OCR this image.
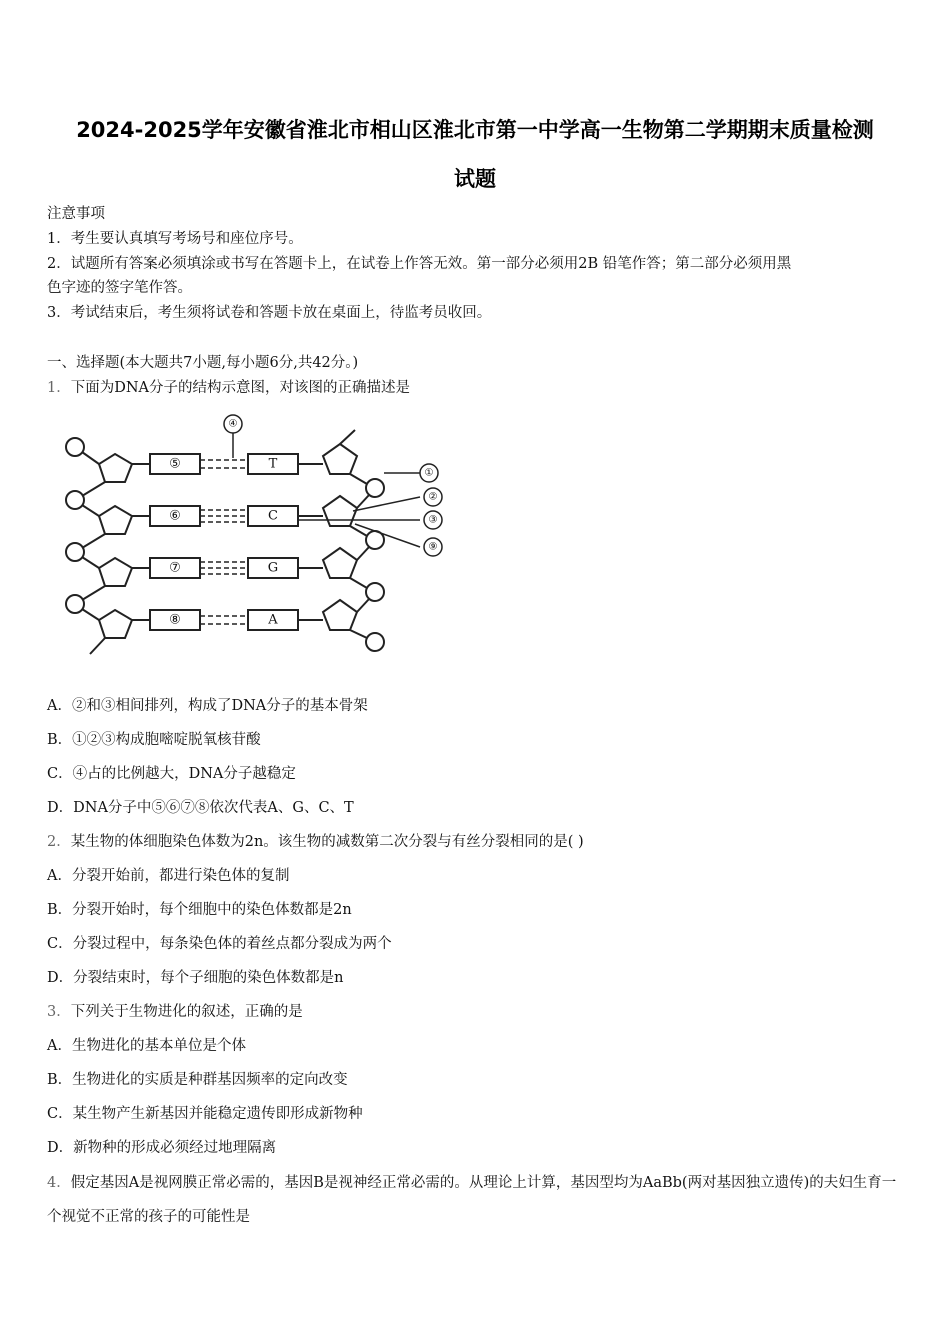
2024-2025学年安徽省淮北市相山区淮北市第一中学高一生物第二学期期末质量检测
试题
注意事项
1．考生要认真填写考场号和座位序号。
2．试题所有答案必须填涂或书写在答题卡上，在试卷上作答无效。第一部分必须用2B 铅笔作答；第二部分必须用黑
色字迹的签字笔作答。
3．考试结束后，考生须将试卷和答题卡放在桌面上，待监考员收回。
一、选择题(本大题共7小题,每小题6分,共42分。)
1．下面为DNA分子的结构示意图，对该图的正确描述是
⑤
⑥
⑦
⑧
T
C
G
A
④
①
②
③
⑨
A．②和③相间排列，构成了DNA分子的基本骨架
B．①②③构成胞嘧啶脱氧核苷酸
C．④占的比例越大，DNA分子越稳定
D．DNA分子中⑤⑥⑦⑧依次代表A、G、C、T
2．某生物的体细胞染色体数为2n。该生物的减数第二次分裂与有丝分裂相同的是( )
A．分裂开始前，都进行染色体的复制
B．分裂开始时，每个细胞中的染色体数都是2n
C．分裂过程中，每条染色体的着丝点都分裂成为两个
D．分裂结束时，每个子细胞的染色体数都是n
3．下列关于生物进化的叙述，正确的是
A．生物进化的基本单位是个体
B．生物进化的实质是种群基因频率的定向改变
C．某生物产生新基因并能稳定遗传即形成新物种
D．新物种的形成必须经过地理隔离
4．假定基因A是视网膜正常必需的，基因B是视神经正常必需的。从理论上计算，基因型均为AaBb(两对基因独立遗传)的夫妇生育一个视觉不正常的孩子的可能性是
